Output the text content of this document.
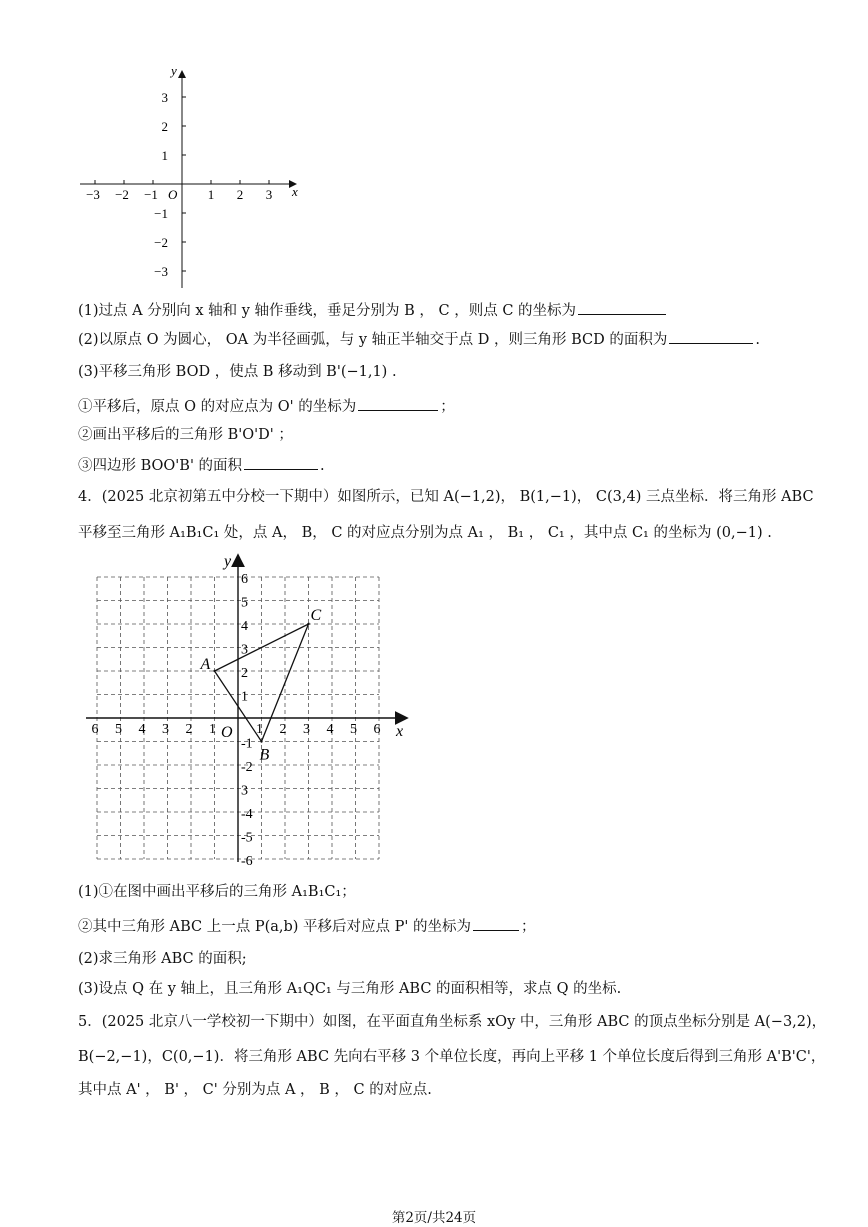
y
x
O
3
2
1
−1
−2
−3
−3 −2 −1	1 2 3
(1)过点 A 分别向 x 轴和 y 轴作垂线，垂足分别为 B ， C ，则点 C 的坐标为
(2)以原点 O 为圆心， OA 为半径画弧，与 y 轴正半轴交于点 D ，则三角形 BCD 的面积为	.
(3)平移三角形 BOD ，使点 B 移动到 B'(−1,1) .
①平移后，原点 O 的对应点为 O' 的坐标为	；
②画出平移后的三角形 B'O'D' ；
③四边形 BOO'B' 的面积	.
4．(2025 北京初第五中分校一下期中）如图所示，已知 A(−1,2)， B(1,−1)， C(3,4) 三点坐标．将三角形 ABC
平移至三角形 A₁B₁C₁ 处，点 A， B， C 的对应点分别为点 A₁ ， B₁ ， C₁ ，其中点 C₁ 的坐标为 (0,−1) .
y
x
O
6 5 4 3 2 1	1 2 3 4 5 6
6
5
4
3
2
1
-1
-2
3
-4
-5
-6
A
B
C
(1)①在图中画出平移后的三角形 A₁B₁C₁；
②其中三角形 ABC 上一点 P(a,b) 平移后对应点 P' 的坐标为	；
(2)求三角形 ABC 的面积;
(3)设点 Q 在 y 轴上，且三角形 A₁QC₁ 与三角形 ABC 的面积相等，求点 Q 的坐标.
5．(2025 北京八一学校初一下期中）如图，在平面直角坐标系 xOy 中，三角形 ABC 的顶点坐标分别是 A(−3,2)，
B(−2,−1)，C(0,−1)．将三角形 ABC 先向右平移 3 个单位长度，再向上平移 1 个单位长度后得到三角形 A'B'C'，
其中点 A' ， B' ， C' 分别为点 A ， B ， C 的对应点.
第2页/共24页
